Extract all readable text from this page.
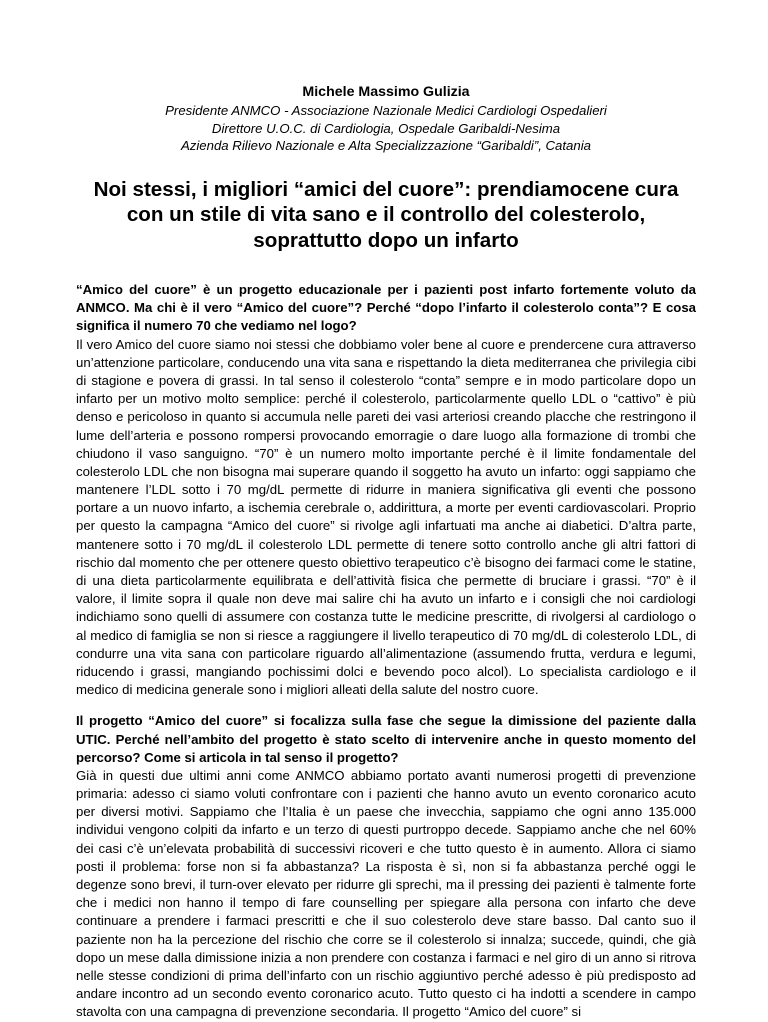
Michele Massimo Gulizia

Presidente ANMCO - Associazione Nazionale Medici Cardiologi Ospedalieri

Direttore U.O.C. di Cardiologia, Ospedale Garibaldi-Nesima

Azienda Rilievo Nazionale e Alta Specializzazione “Garibaldi”, Catania

Noi stessi, i migliori “amici del cuore”: prendiamocene cura con un stile di vita sano e il controllo del colesterolo, soprattutto dopo un infarto

“Amico del cuore” è un progetto educazionale per i pazienti post infarto fortemente voluto da ANMCO. Ma chi è il vero “Amico del cuore”? Perché “dopo l’infarto il colesterolo conta”? E cosa significa il numero 70 che vediamo nel logo?

Il vero Amico del cuore siamo noi stessi che dobbiamo voler bene al cuore e prendercene cura attraverso un’attenzione particolare, conducendo una vita sana e rispettando la dieta mediterranea che privilegia cibi di stagione e povera di grassi. In tal senso il colesterolo “conta” sempre e in modo particolare dopo un infarto per un motivo molto semplice: perché il colesterolo, particolarmente quello LDL o “cattivo” è più denso e pericoloso in quanto si accumula nelle pareti dei vasi arteriosi creando placche che restringono il lume dell’arteria e possono rompersi provocando emorragie o dare luogo alla formazione di trombi che chiudono il vaso sanguigno. “70” è un numero molto importante perché è il limite fondamentale del colesterolo LDL che non bisogna mai superare quando il soggetto ha avuto un infarto: oggi sappiamo che mantenere l’LDL sotto i 70 mg/dL permette di ridurre in maniera significativa gli eventi che possono portare a un nuovo infarto, a ischemia cerebrale o, addirittura, a morte per eventi cardiovascolari. Proprio per questo la campagna “Amico del cuore” si rivolge agli infartuati ma anche ai diabetici. D’altra parte, mantenere sotto i 70 mg/dL il colesterolo LDL permette di tenere sotto controllo anche gli altri fattori di rischio dal momento che per ottenere questo obiettivo terapeutico c’è bisogno dei farmaci come le statine, di una dieta particolarmente equilibrata e dell’attività fisica che permette di bruciare i grassi. “70” è il valore, il limite sopra il quale non deve mai salire chi ha avuto un infarto e i consigli che noi cardiologi indichiamo sono quelli di assumere con costanza tutte le medicine prescritte, di rivolgersi al cardiologo o al medico di famiglia se non si riesce a raggiungere il livello terapeutico di 70 mg/dL di colesterolo LDL, di condurre una vita sana con particolare riguardo all’alimentazione (assumendo frutta, verdura e legumi, riducendo i grassi, mangiando pochissimi dolci e bevendo poco alcol). Lo specialista cardiologo e il medico di medicina generale sono i migliori alleati della salute del nostro cuore.

Il progetto “Amico del cuore” si focalizza sulla fase che segue la dimissione del paziente dalla UTIC. Perché nell’ambito del progetto è stato scelto di intervenire anche in questo momento del percorso? Come si articola in tal senso il progetto?

Già in questi due ultimi anni come ANMCO abbiamo portato avanti numerosi progetti di prevenzione primaria: adesso ci siamo voluti confrontare con i pazienti che hanno avuto un evento coronarico acuto per diversi motivi. Sappiamo che l’Italia è un paese che invecchia, sappiamo che ogni anno 135.000 individui vengono colpiti da infarto e un terzo di questi purtroppo decede. Sappiamo anche che nel 60% dei casi c’è un’elevata probabilità di successivi ricoveri e che tutto questo è in aumento. Allora ci siamo posti il problema: forse non si fa abbastanza? La risposta è sì, non si fa abbastanza perché oggi le degenze sono brevi, il turn-over elevato per ridurre gli sprechi, ma il pressing dei pazienti è talmente forte che i medici non hanno il tempo di fare counselling per spiegare alla persona con infarto che deve continuare a prendere i farmaci prescritti e che il suo colesterolo deve stare basso. Dal canto suo il paziente non ha la percezione del rischio che corre se il colesterolo si innalza; succede, quindi, che già dopo un mese dalla dimissione inizia a non prendere con costanza i farmaci e nel giro di un anno si ritrova nelle stesse condizioni di prima dell’infarto con un rischio aggiuntivo perché adesso è più predisposto ad andare incontro ad un secondo evento coronarico acuto. Tutto questo ci ha indotti a scendere in campo stavolta con una campagna di prevenzione secondaria. Il progetto “Amico del cuore” si
